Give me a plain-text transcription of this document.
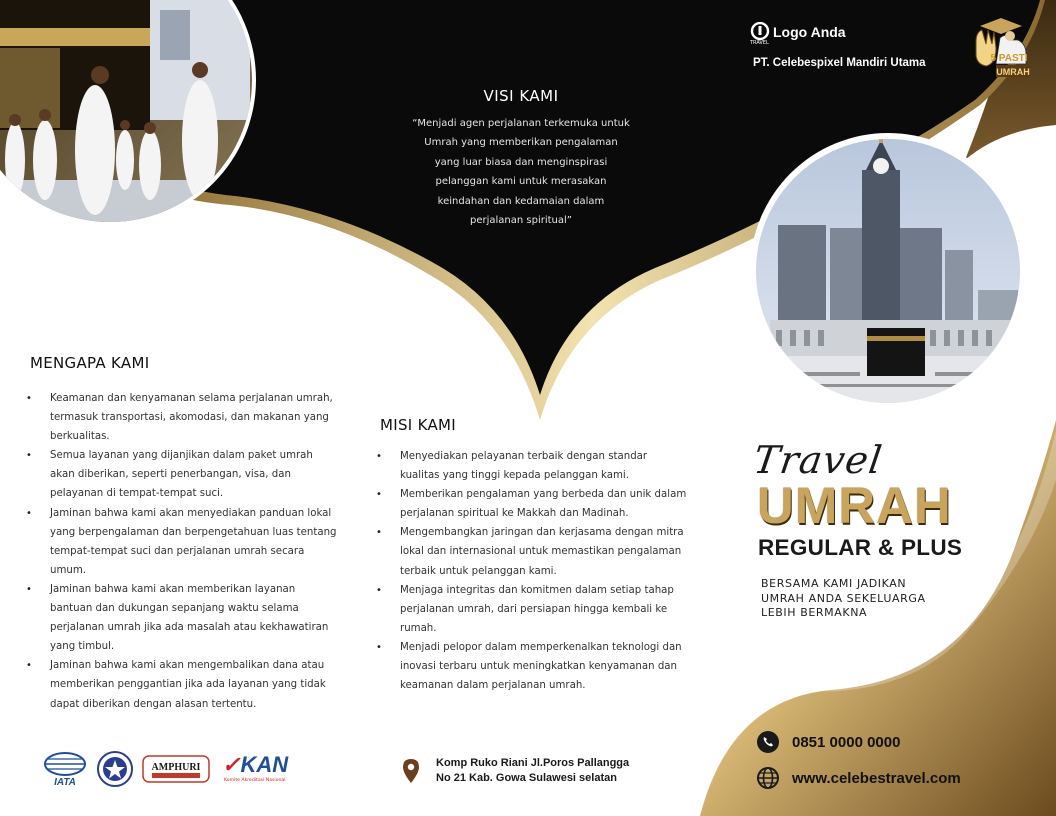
TRAVEL
Logo Anda
PT. Celebespixel Mandiri Utama	5 PASTI
UMRAH
VISI KAMI
“Menjadi agen perjalanan terkemuka untuk Umrah yang memberikan pengalaman yang luar biasa dan menginspirasi pelanggan kami untuk merasakan keindahan dan kedamaian dalam perjalanan spiritual”
MENGAPA KAMI
• Keamanan dan kenyamanan selama perjalanan umrah, termasuk transportasi, akomodasi, dan makanan yang berkualitas.
• Semua layanan yang dijanjikan dalam paket umrah akan diberikan, seperti penerbangan, visa, dan pelayanan di tempat-tempat suci.
• Jaminan bahwa kami akan menyediakan panduan lokal yang berpengalaman dan berpengetahuan luas tentang tempat-tempat suci dan perjalanan umrah secara umum.
• Jaminan bahwa kami akan memberikan layanan bantuan dan dukungan sepanjang waktu selama perjalanan umrah jika ada masalah atau kekhawatiran yang timbul.
• Jaminan bahwa kami akan mengembalikan dana atau memberikan penggantian jika ada layanan yang tidak dapat diberikan dengan alasan tertentu.
MISI KAMI
• Menyediakan pelayanan terbaik dengan standar kualitas yang tinggi kepada pelanggan kami.
• Memberikan pengalaman yang berbeda dan unik dalam perjalanan spiritual ke Makkah dan Madinah.
• Mengembangkan jaringan dan kerjasama dengan mitra lokal dan internasional untuk memastikan pengalaman terbaik untuk pelanggan kami.
• Menjaga integritas dan komitmen dalam setiap tahap perjalanan umrah, dari persiapan hingga kembali ke rumah.
• Menjadi pelopor dalam memperkenalkan teknologi dan inovasi terbaru untuk meningkatkan kenyamanan dan keamanan dalam perjalanan umrah.
Travel
UMRAH
REGULAR & PLUS
BERSAMA KAMI JADIKAN
UMRAH ANDA SEKELUARGA
LEBIH BERMAKNA
0851 0000 0000
www.celebestravel.com
Komp Ruko Riani Jl.Poros Pallangga
No 21 Kab. Gowa Sulawesi selatan
IATA
AMPHURI ✓KAN
Komite Akreditasi Nasional
